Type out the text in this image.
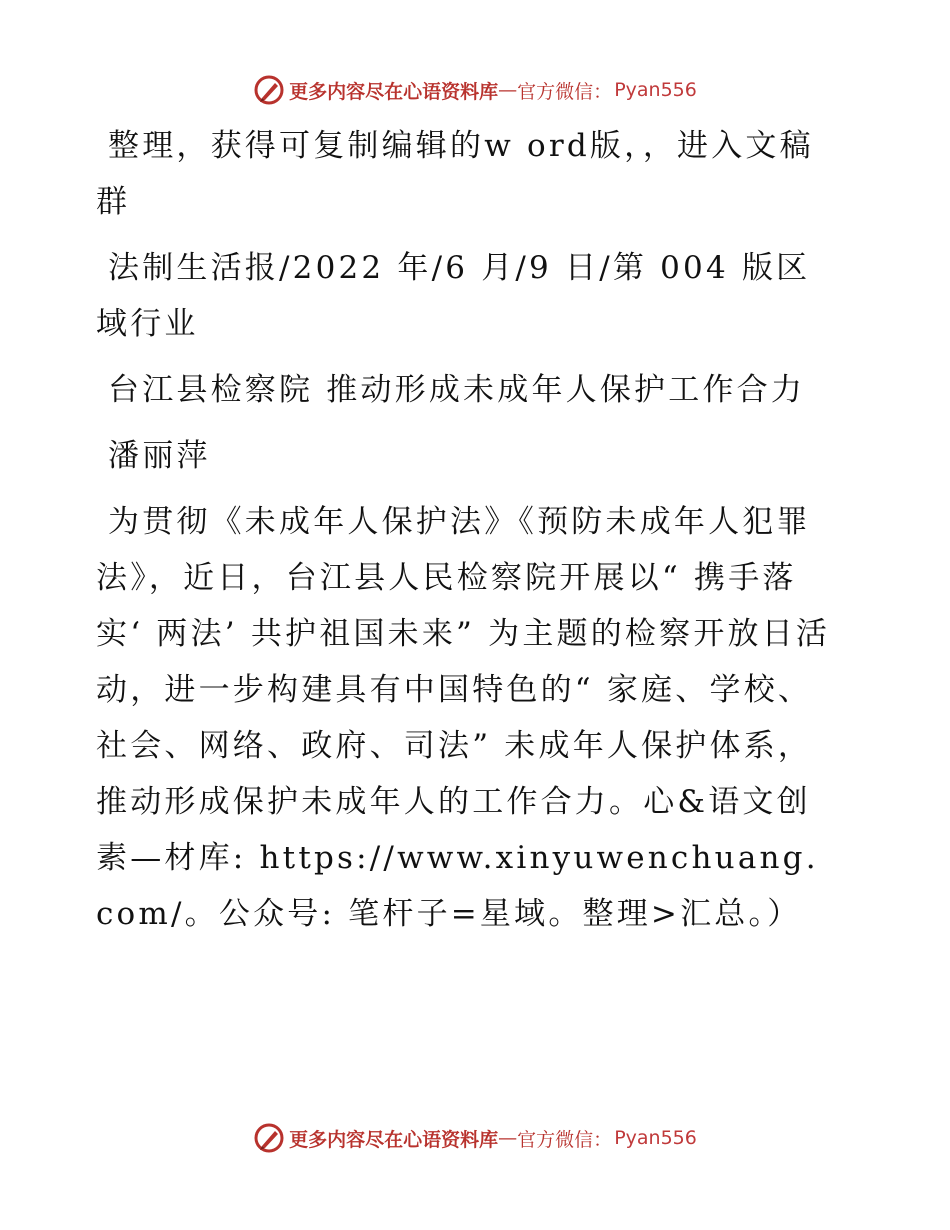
更多内容尽在心语资料库 — 官方微信： Pyan556

整理，获得可复制编辑的w ord版，，进入文稿群

法制生活报/2022 年/6 月/9 日/第 004 版区域行业

台江县检察院 推动形成未成年人保护工作合力

潘丽萍

为贯彻《未成年人保护法》《预防未成年人犯罪法》，近日，台江县人民检察院开展以“ 携手落实‘ 两法’ 共护祖国未来” 为主题的检察开放日活动，进一步构建具有中国特色的“ 家庭、学校、社会、网络、政府、司法” 未成年人保护体系，推动形成保护未成年人的工作合力。心&语文创素—材库: https://www.xinyuwenchuang.com/。公众号: 笔杆子=星域。整理>汇总。）

更多内容尽在心语资料库 — 官方微信： Pyan556
